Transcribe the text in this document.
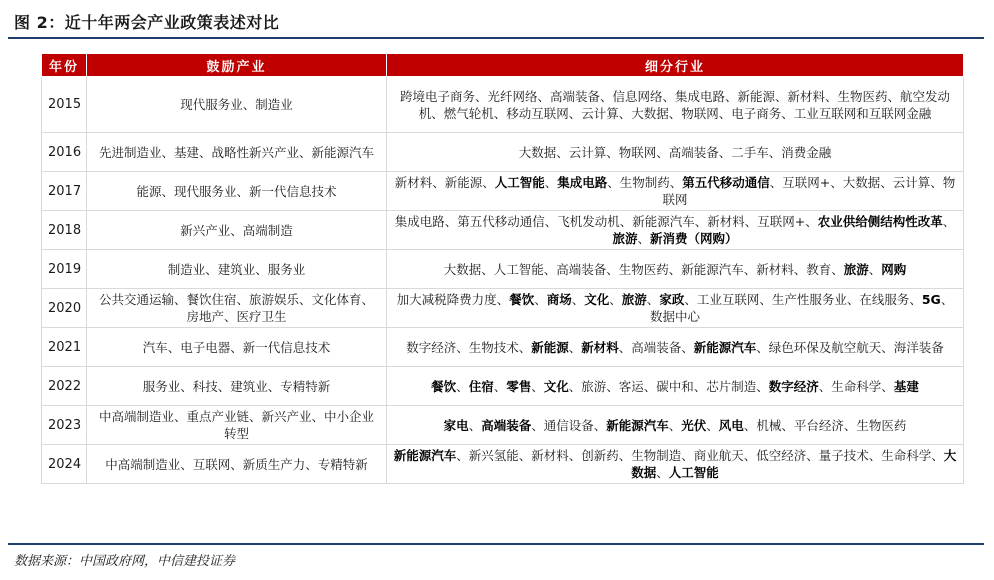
图 2：近十年两会产业政策表述对比
年份	鼓励产业	细分行业
2015	现代服务业、制造业	跨境电子商务、光纤网络、高端装备、信息网络、集成电路、新能源、新材料、生物医药、航空发动机、燃气轮机、移动互联网、云计算、大数据、物联网、电子商务、工业互联网和互联网金融
2016	先进制造业、基建、战略性新兴产业、新能源汽车	大数据、云计算、物联网、高端装备、二手车、消费金融
2017	能源、现代服务业、新一代信息技术	新材料、新能源、人工智能、集成电路、生物制药、第五代移动通信、互联网+、大数据、云计算、物联网
2018	新兴产业、高端制造	集成电路、第五代移动通信、飞机发动机、新能源汽车、新材料、互联网+、农业供给侧结构性改革、旅游、新消费（网购）
2019	制造业、建筑业、服务业	大数据、人工智能、高端装备、生物医药、新能源汽车、新材料、教育、旅游、网购
2020	公共交通运输、餐饮住宿、旅游娱乐、文化体育、房地产、医疗卫生	加大减税降费力度、餐饮、商场、文化、旅游、家政、工业互联网、生产性服务业、在线服务、5G、数据中心
2021	汽车、电子电器、新一代信息技术	数字经济、生物技术、新能源、新材料、高端装备、新能源汽车、绿色环保及航空航天、海洋装备
2022	服务业、科技、建筑业、专精特新	餐饮、住宿、零售、文化、旅游、客运、碳中和、芯片制造、数字经济、生命科学、基建
2023	中高端制造业、重点产业链、新兴产业、中小企业转型	家电、高端装备、通信设备、新能源汽车、光伏、风电、机械、平台经济、生物医药
2024	中高端制造业、互联网、新质生产力、专精特新	新能源汽车、新兴氢能、新材料、创新药、生物制造、商业航天、低空经济、量子技术、生命科学、大数据、人工智能
数据来源：中国政府网，中信建投证券
